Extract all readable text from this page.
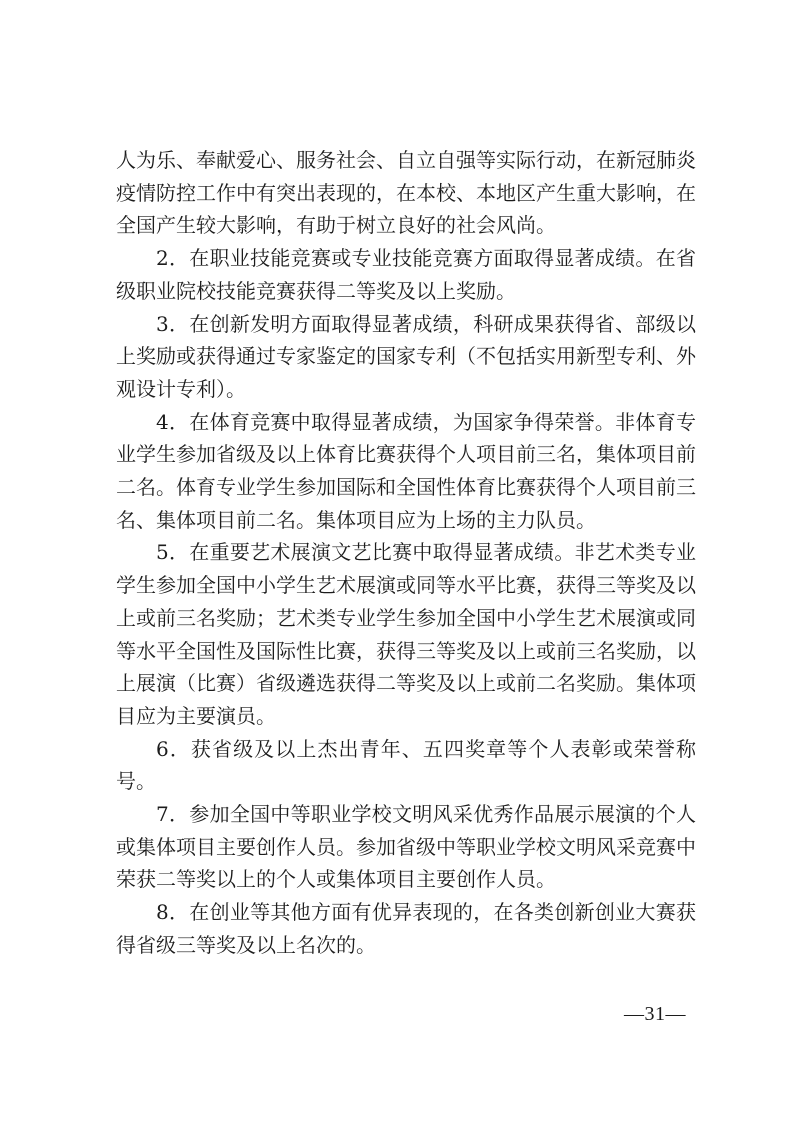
人为乐、奉献爱心、服务社会、自立自强等实际行动，在新冠肺炎疫情防控工作中有突出表现的，在本校、本地区产生重大影响，在全国产生较大影响，有助于树立良好的社会风尚。

2．在职业技能竞赛或专业技能竞赛方面取得显著成绩。在省级职业院校技能竞赛获得二等奖及以上奖励。

3．在创新发明方面取得显著成绩，科研成果获得省、部级以上奖励或获得通过专家鉴定的国家专利（不包括实用新型专利、外观设计专利）。

4．在体育竞赛中取得显著成绩，为国家争得荣誉。非体育专业学生参加省级及以上体育比赛获得个人项目前三名，集体项目前二名。体育专业学生参加国际和全国性体育比赛获得个人项目前三名、集体项目前二名。集体项目应为上场的主力队员。

5．在重要艺术展演文艺比赛中取得显著成绩。非艺术类专业学生参加全国中小学生艺术展演或同等水平比赛，获得三等奖及以上或前三名奖励；艺术类专业学生参加全国中小学生艺术展演或同等水平全国性及国际性比赛，获得三等奖及以上或前三名奖励，以上展演（比赛）省级遴选获得二等奖及以上或前二名奖励。集体项目应为主要演员。

6．获省级及以上杰出青年、五四奖章等个人表彰或荣誉称号。

7．参加全国中等职业学校文明风采优秀作品展示展演的个人或集体项目主要创作人员。参加省级中等职业学校文明风采竞赛中荣获二等奖以上的个人或集体项目主要创作人员。

8．在创业等其他方面有优异表现的，在各类创新创业大赛获得省级三等奖及以上名次的。

—31—
